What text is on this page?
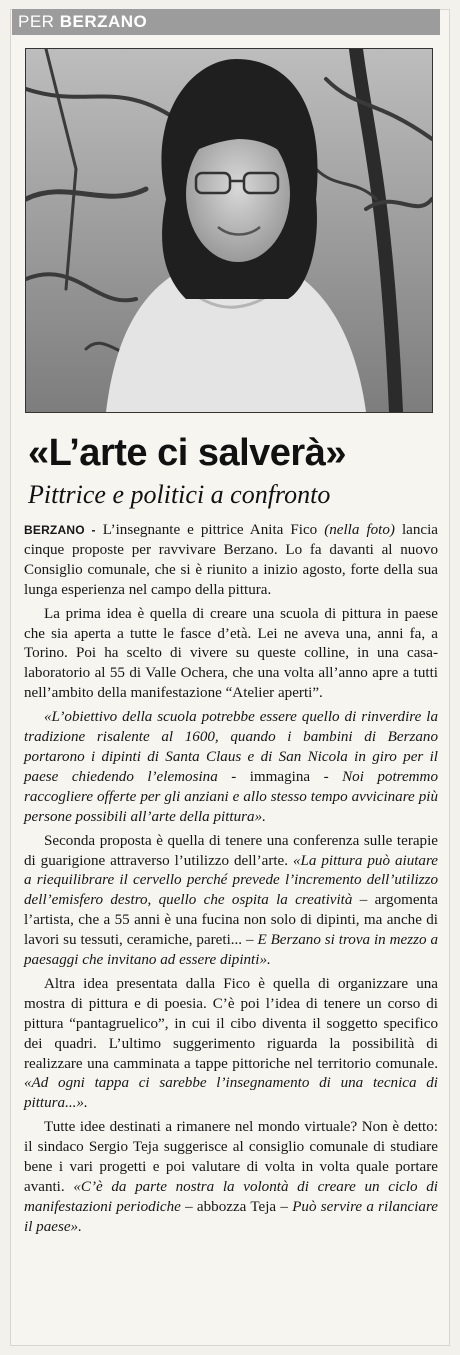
PER BERZANO
«L’arte ci salverà»
Pittrice e politici a confronto

BERZANO - L’insegnante e pittrice Anita Fico (nella foto) lancia cinque proposte per ravvivare Berzano. Lo fa davanti al nuovo Consiglio comunale, che si è riunito a inizio agosto, forte della sua lunga esperienza nel campo della pittura.

La prima idea è quella di creare una scuola di pittura in paese che sia aperta a tutte le fasce d’età. Lei ne aveva una, anni fa, a Torino. Poi ha scelto di vivere su queste colline, in una casa-laboratorio al 55 di Valle Ochera, che una volta all’anno apre a tutti nell’ambito della manifestazione “Atelier aperti”.

«L’obiettivo della scuola potrebbe essere quello di rinverdire la tradizione risalente al 1600, quando i bambini di Berzano portarono i dipinti di Santa Claus e di San Nicola in giro per il paese chiedendo l’elemosina - immagina - Noi potremmo raccogliere offerte per gli anziani e allo stesso tempo avvicinare più persone possibili all’arte della pittura».

Seconda proposta è quella di tenere una conferenza sulle terapie di guarigione attraverso l’utilizzo dell’arte. «La pittura può aiutare a riequilibrare il cervello perché prevede l’incremento dell’utilizzo dell’emisfero destro, quello che ospita la creatività – argomenta l’artista, che a 55 anni è una fucina non solo di dipinti, ma anche di lavori su tessuti, ceramiche, pareti... – E Berzano si trova in mezzo a paesaggi che invitano ad essere dipinti».

Altra idea presentata dalla Fico è quella di organizzare una mostra di pittura e di poesia. C’è poi l’idea di tenere un corso di pittura “pantagruelico”, in cui il cibo diventa il soggetto specifico dei quadri. L’ultimo suggerimento riguarda la possibilità di realizzare una camminata a tappe pittoriche nel territorio comunale. «Ad ogni tappa ci sarebbe l’insegnamento di una tecnica di pittura...».

Tutte idee destinati a rimanere nel mondo virtuale? Non è detto: il sindaco Sergio Teja suggerisce al consiglio comunale di studiare bene i vari progetti e poi valutare di volta in volta quale portare avanti. «C’è da parte nostra la volontà di creare un ciclo di manifestazioni periodiche – abbozza Teja – Può servire a rilanciare il paese».
